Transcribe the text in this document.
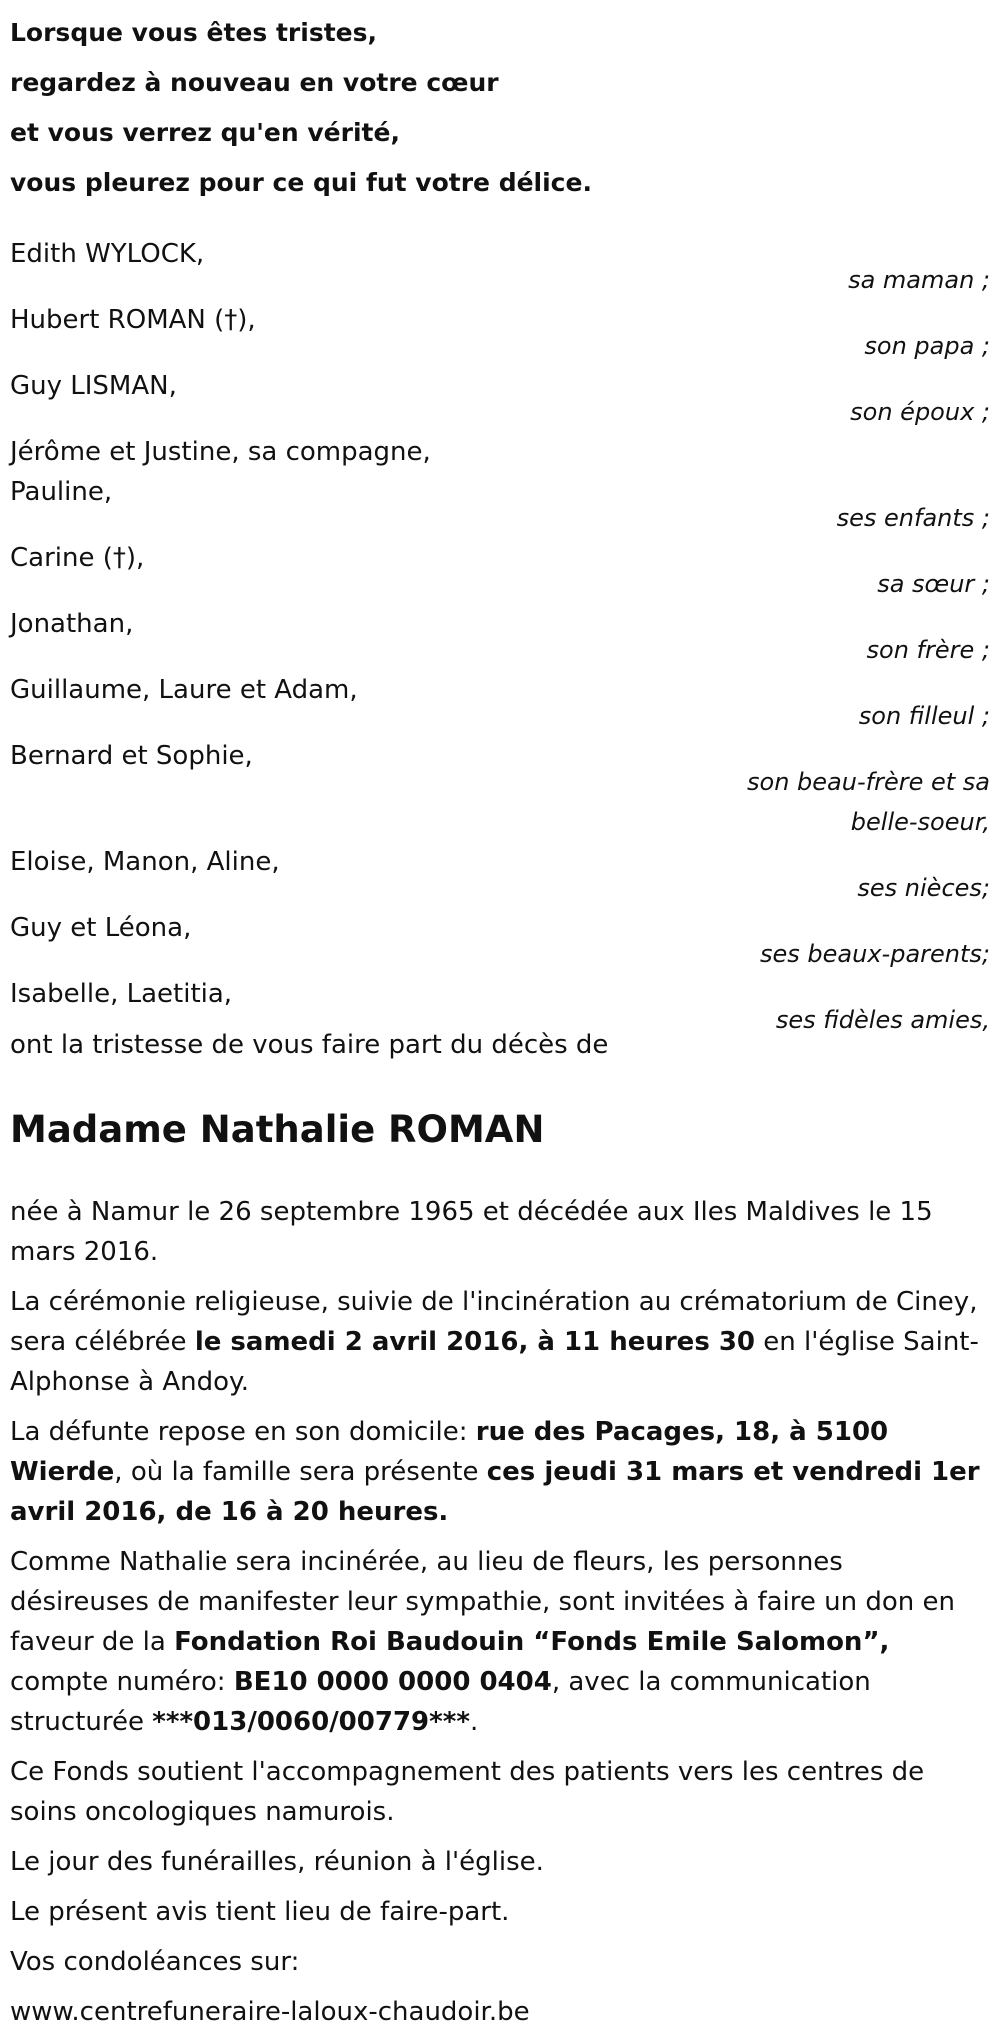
Lorsque vous êtes tristes,
regardez à nouveau en votre cœur
et vous verrez qu'en vérité,
vous pleurez pour ce qui fut votre délice.
Edith WYLOCK,
sa maman ;
Hubert ROMAN (†),
son papa ;
Guy LISMAN,
son époux ;
Jérôme et Justine, sa compagne,
Pauline,
ses enfants ;
Carine (†),
sa sœur ;
Jonathan,
son frère ;
Guillaume, Laure et Adam,
son filleul ;
Bernard et Sophie,
son beau-frère et sa
belle-soeur,
Eloise, Manon, Aline,
ses nièces;
Guy et Léona,
ses beaux-parents;
Isabelle, Laetitia,
ses fidèles amies,
ont la tristesse de vous faire part du décès de
Madame Nathalie ROMAN

née à Namur le 26 septembre 1965 et décédée aux Iles Maldives le 15 mars 2016.

La cérémonie religieuse, suivie de l'incinération au crématorium de Ciney, sera célébrée le samedi 2 avril 2016, à 11 heures 30 en l'église Saint-Alphonse à Andoy.

La défunte repose en son domicile: rue des Pacages, 18, à 5100 Wierde, où la famille sera présente ces jeudi 31 mars et vendredi 1er avril 2016, de 16 à 20 heures.

Comme Nathalie sera incinérée, au lieu de fleurs, les personnes désireuses de manifester leur sympathie, sont invitées à faire un don en faveur de la Fondation Roi Baudouin “Fonds Emile Salomon”, compte numéro: BE10 0000 0000 0404, avec la communication structurée ***013/0060/00779***.

Ce Fonds soutient l'accompagnement des patients vers les centres de soins oncologiques namurois.

Le jour des funérailles, réunion à l'église.

Le présent avis tient lieu de faire-part.

Vos condoléances sur:

www.centrefuneraire-laloux-chaudoir.be
